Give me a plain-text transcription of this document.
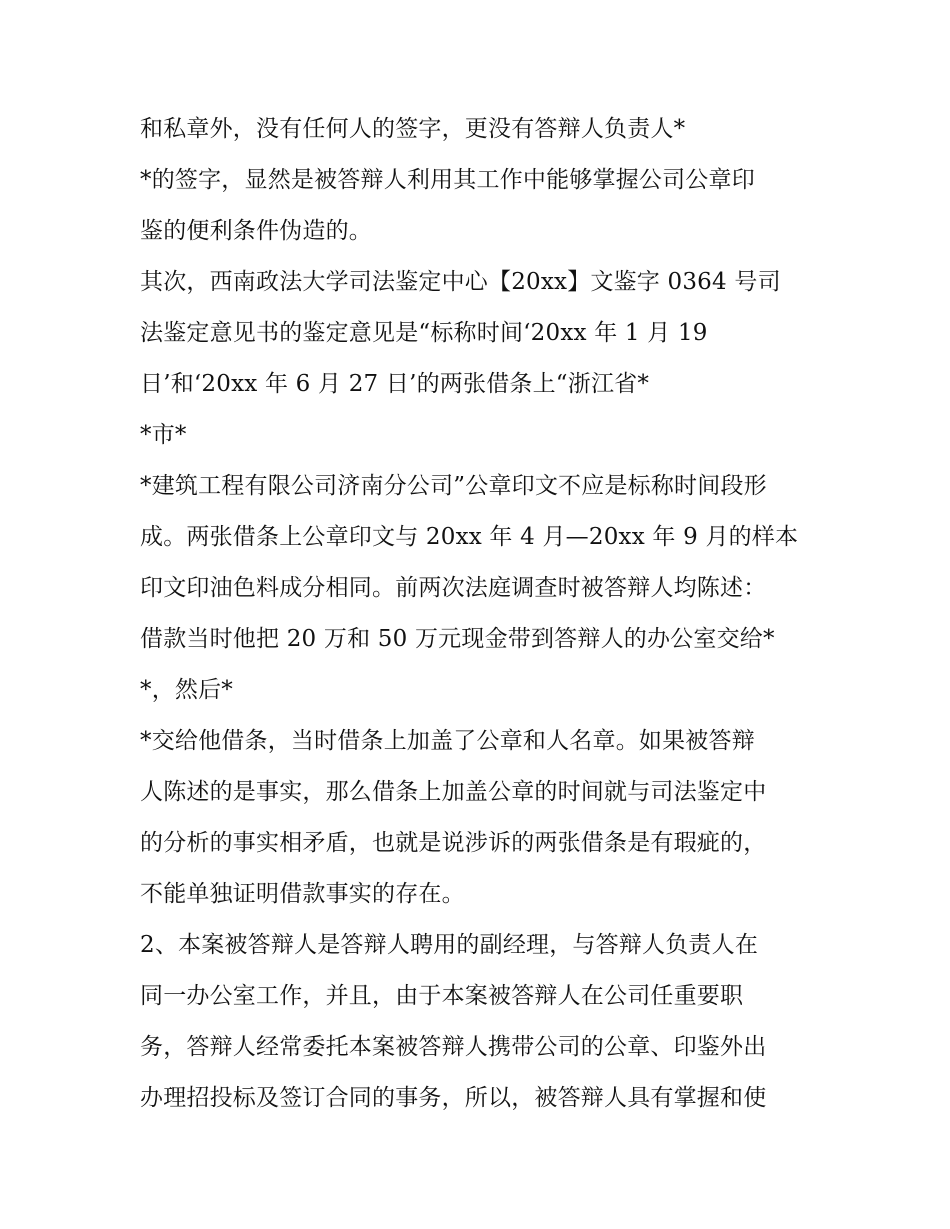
和私章外，没有任何人的签字，更没有答辩人负责人*
*的签字，显然是被答辩人利用其工作中能够掌握公司公章印
鉴的便利条件伪造的。
其次，西南政法大学司法鉴定中心【20xx】文鉴字 0364 号司
法鉴定意见书的鉴定意见是“标称时间‘20xx 年 1 月 19
日’和‘20xx 年 6 月 27 日’的两张借条上“浙江省*
*市*
*建筑工程有限公司济南分公司”公章印文不应是标称时间段形
成。两张借条上公章印文与 20xx 年 4 月—20xx 年 9 月的样本
印文印油色料成分相同。前两次法庭调查时被答辩人均陈述：
借款当时他把 20 万和 50 万元现金带到答辩人的办公室交给*
*，然后*
*交给他借条，当时借条上加盖了公章和人名章。如果被答辩
人陈述的是事实，那么借条上加盖公章的时间就与司法鉴定中
的分析的事实相矛盾，也就是说涉诉的两张借条是有瑕疵的，
不能单独证明借款事实的存在。
2、本案被答辩人是答辩人聘用的副经理，与答辩人负责人在
同一办公室工作，并且，由于本案被答辩人在公司任重要职
务，答辩人经常委托本案被答辩人携带公司的公章、印鉴外出
办理招投标及签订合同的事务，所以，被答辩人具有掌握和使
